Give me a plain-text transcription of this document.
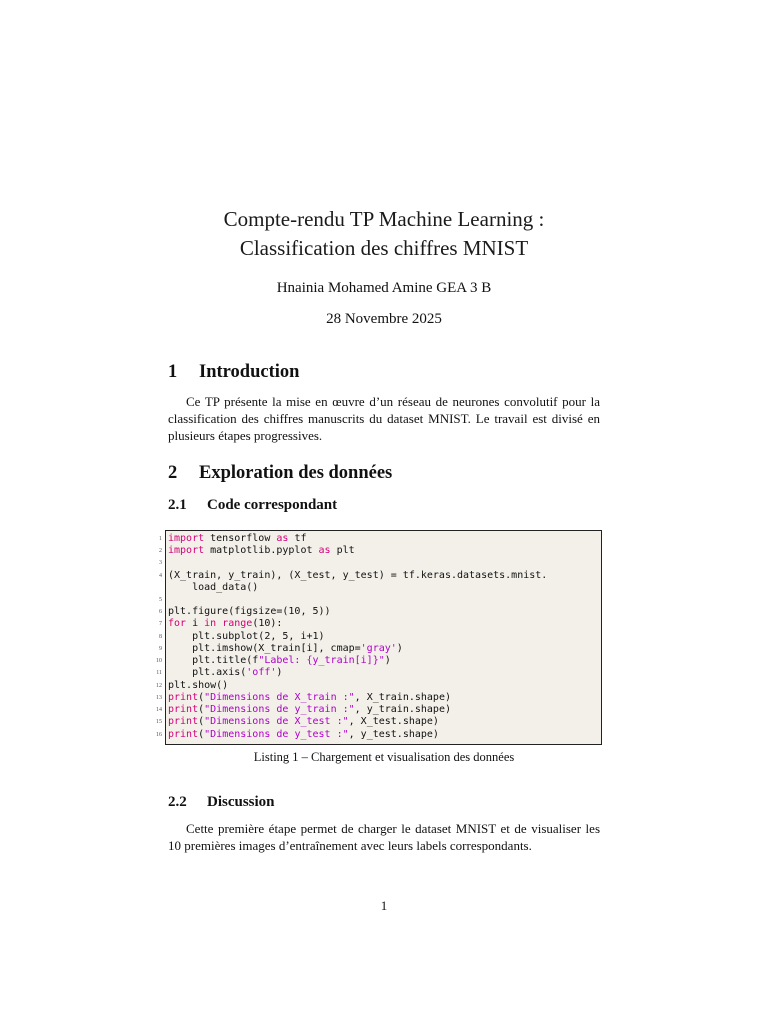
Compte-rendu TP Machine Learning :
Classification des chiffres MNIST
Hnainia Mohamed Amine GEA 3 B
28 Novembre 2025
1 Introduction
Ce TP présente la mise en œuvre d’un réseau de neurones convolutif pour la classification des chiffres manuscrits du dataset MNIST. Le travail est divisé en plusieurs étapes progressives.
2 Exploration des données
2.1 Code correspondant
1
2
3
4
5
6
7
8
9
10
11
12
13
14
15
16
import tensorflow as tf
import matplotlib.pyplot as plt
(X_train, y_train), (X_test, y_test) = tf.keras.datasets.mnist.
load_data()
plt.figure(figsize=(10, 5))
for i in range(10):
plt.subplot(2, 5, i+1)
plt.imshow(X_train[i], cmap='gray')
plt.title(f"Label: {y_train[i]}")
plt.axis('off')
plt.show()
print("Dimensions de X_train :", X_train.shape)
print("Dimensions de y_train :", y_train.shape)
print("Dimensions de X_test :", X_test.shape)
print("Dimensions de y_test :", y_test.shape)
Listing 1 – Chargement et visualisation des données
2.2 Discussion
Cette première étape permet de charger le dataset MNIST et de visualiser les 10 premières images d’entraînement avec leurs labels correspondants.
1
